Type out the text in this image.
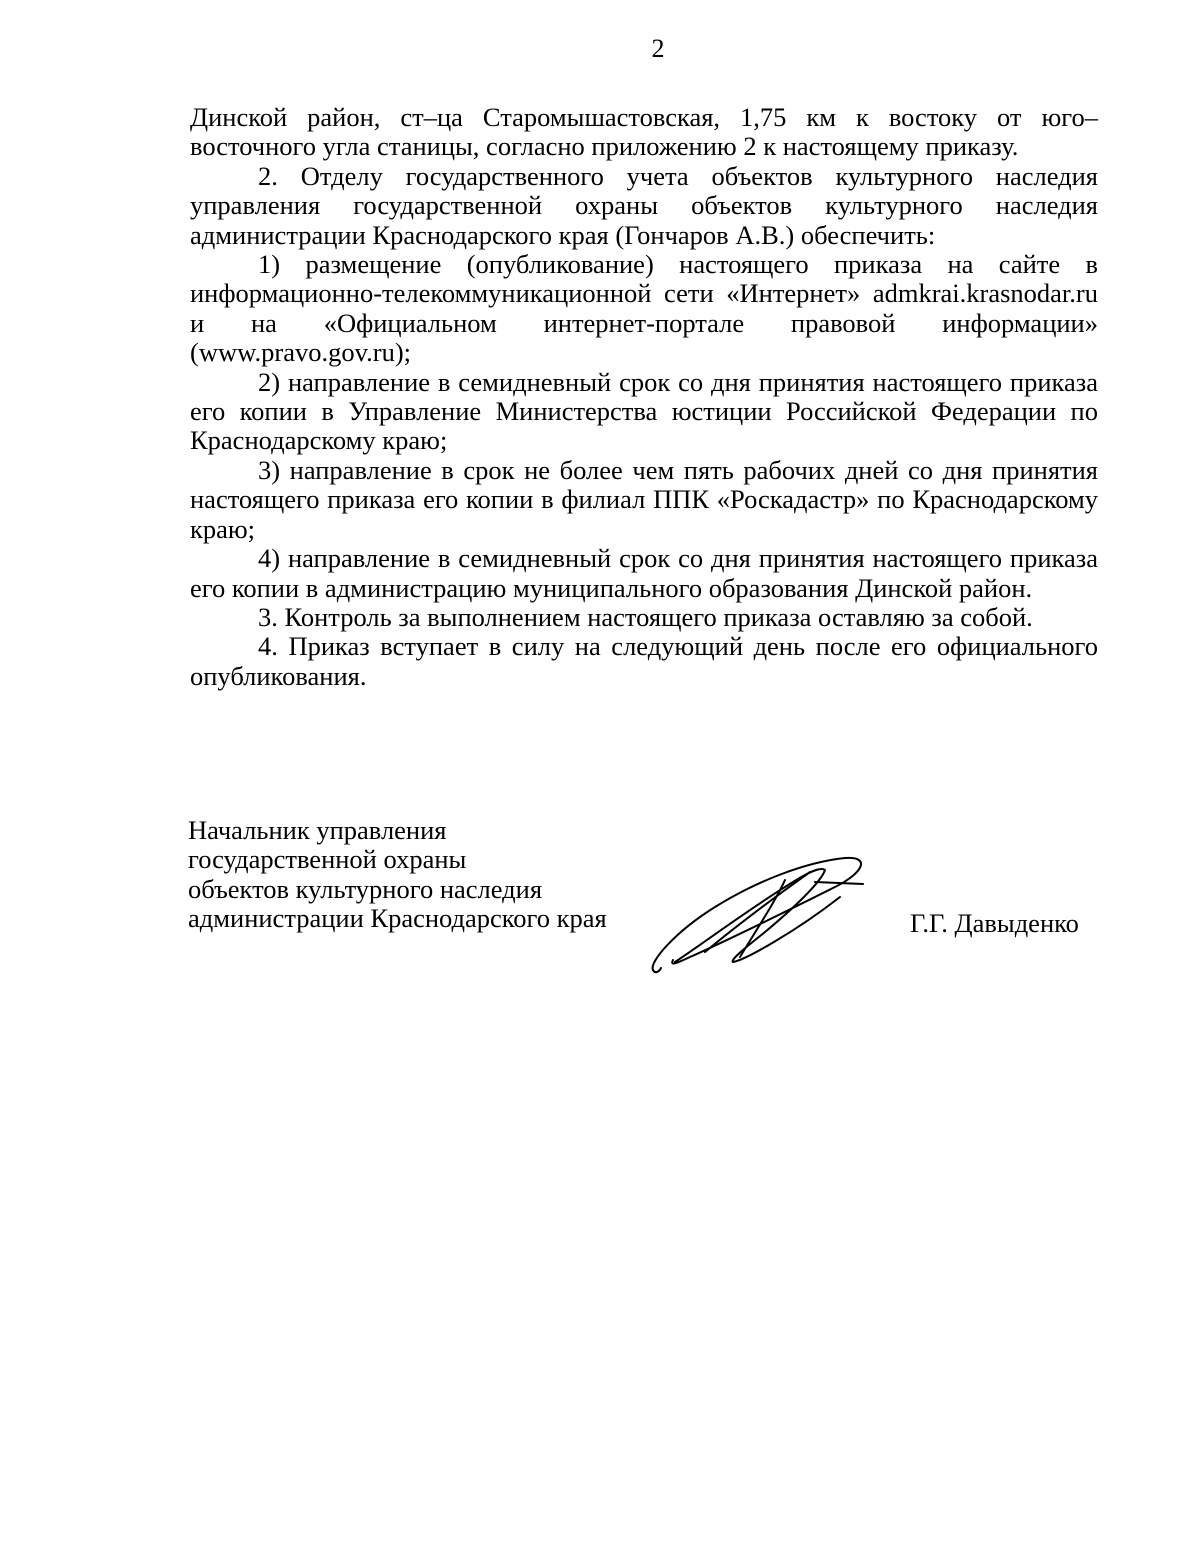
2

Динской район, ст–ца Старомышастовская, 1,75 км к востоку от юго–восточного угла станицы, согласно приложению 2 к настоящему приказу.

2. Отделу государственного учета объектов культурного наследия управления государственной охраны объектов культурного наследия администрации Краснодарского края (Гончаров А.В.) обеспечить:

1) размещение (опубликование) настоящего приказа на сайте в информационно-телекоммуникационной сети «Интернет» admkrai.krasnodar.ru и на «Официальном интернет-портале правовой информации» (www.pravo.gov.ru);

2) направление в семидневный срок со дня принятия настоящего приказа его копии в Управление Министерства юстиции Российской Федерации по Краснодарскому краю;

3) направление в срок не более чем пять рабочих дней со дня принятия настоящего приказа его копии в филиал ППК «Роскадастр» по Краснодарскому краю;

4) направление в семидневный срок со дня принятия настоящего приказа его копии в администрацию муниципального образования Динской район.

3. Контроль за выполнением настоящего приказа оставляю за собой.

4. Приказ вступает в силу на следующий день после его официального опубликования.

Начальник управления
государственной охраны
объектов культурного наследия
администрации Краснодарского края	Г.Г. Давыденко
